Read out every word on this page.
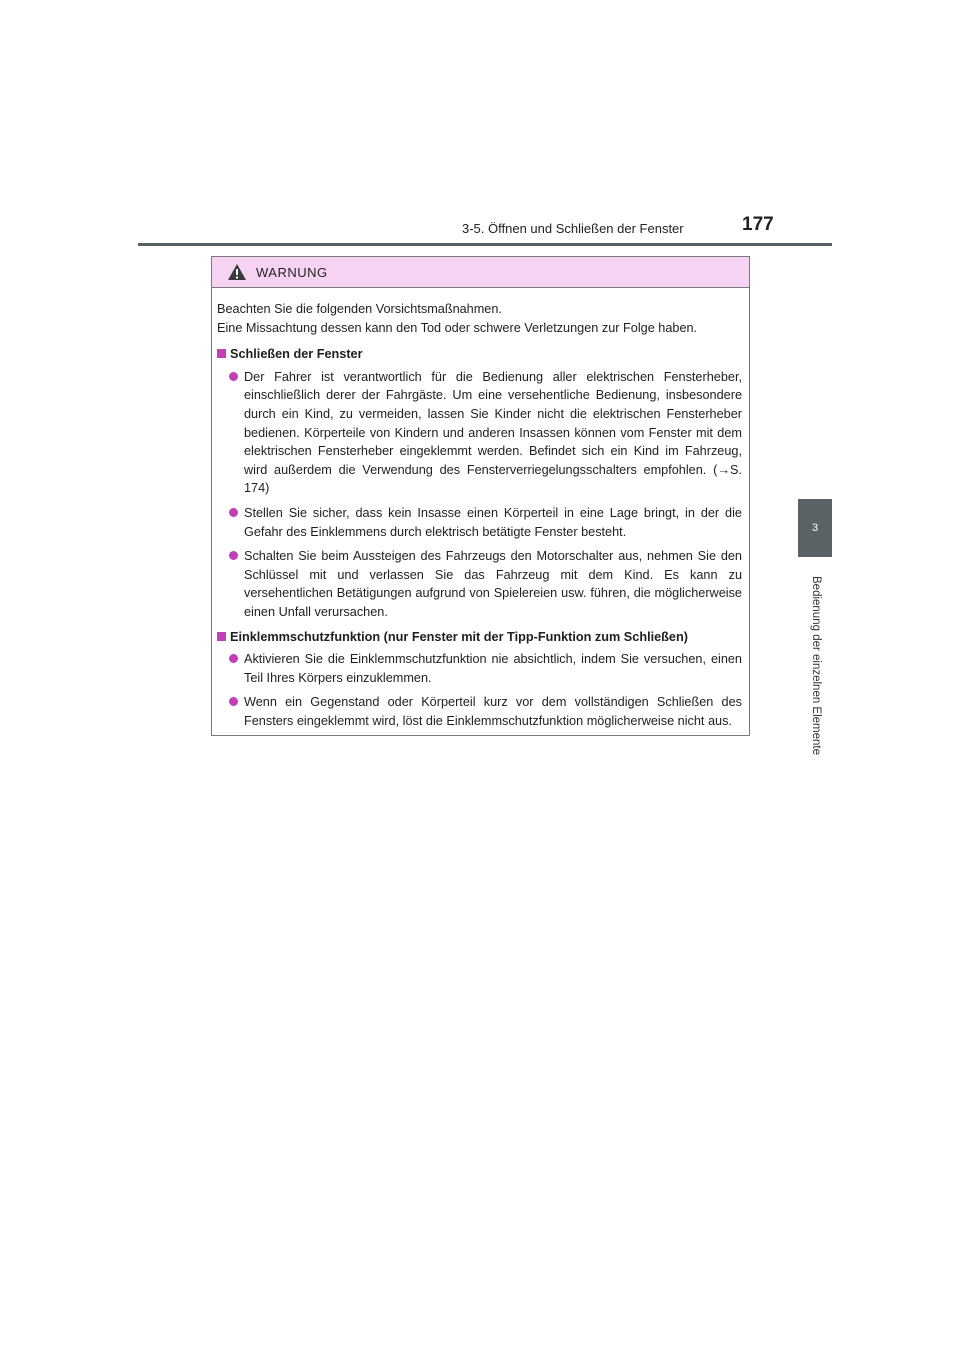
3-5. Öffnen und Schließen der Fenster	177
3
Bedienung der einzelnen Elemente
WARNUNG
Beachten Sie die folgenden Vorsichtsmaßnahmen.
Eine Missachtung dessen kann den Tod oder schwere Verletzungen zur Folge haben.
Schließen der Fenster
Der Fahrer ist verantwortlich für die Bedienung aller elektrischen Fensterheber, einschließlich derer der Fahrgäste. Um eine versehentliche Bedienung, insbesondere durch ein Kind, zu vermeiden, lassen Sie Kinder nicht die elektrischen Fensterheber bedienen. Körperteile von Kindern und anderen Insassen können vom Fenster mit dem elektrischen Fensterheber eingeklemmt werden. Befindet sich ein Kind im Fahrzeug, wird außerdem die Verwendung des Fensterverriegelungsschalters empfohlen. (→S. 174)
Stellen Sie sicher, dass kein Insasse einen Körperteil in eine Lage bringt, in der die Gefahr des Einklemmens durch elektrisch betätigte Fenster besteht.
Schalten Sie beim Aussteigen des Fahrzeugs den Motorschalter aus, nehmen Sie den Schlüssel mit und verlassen Sie das Fahrzeug mit dem Kind. Es kann zu versehentlichen Betätigungen aufgrund von Spielereien usw. führen, die möglicherweise einen Unfall verursachen.
Einklemmschutzfunktion (nur Fenster mit der Tipp-Funktion zum Schließen)
Aktivieren Sie die Einklemmschutzfunktion nie absichtlich, indem Sie versuchen, einen Teil Ihres Körpers einzuklemmen.
Wenn ein Gegenstand oder Körperteil kurz vor dem vollständigen Schließen des Fensters eingeklemmt wird, löst die Einklemmschutzfunktion möglicherweise nicht aus.
